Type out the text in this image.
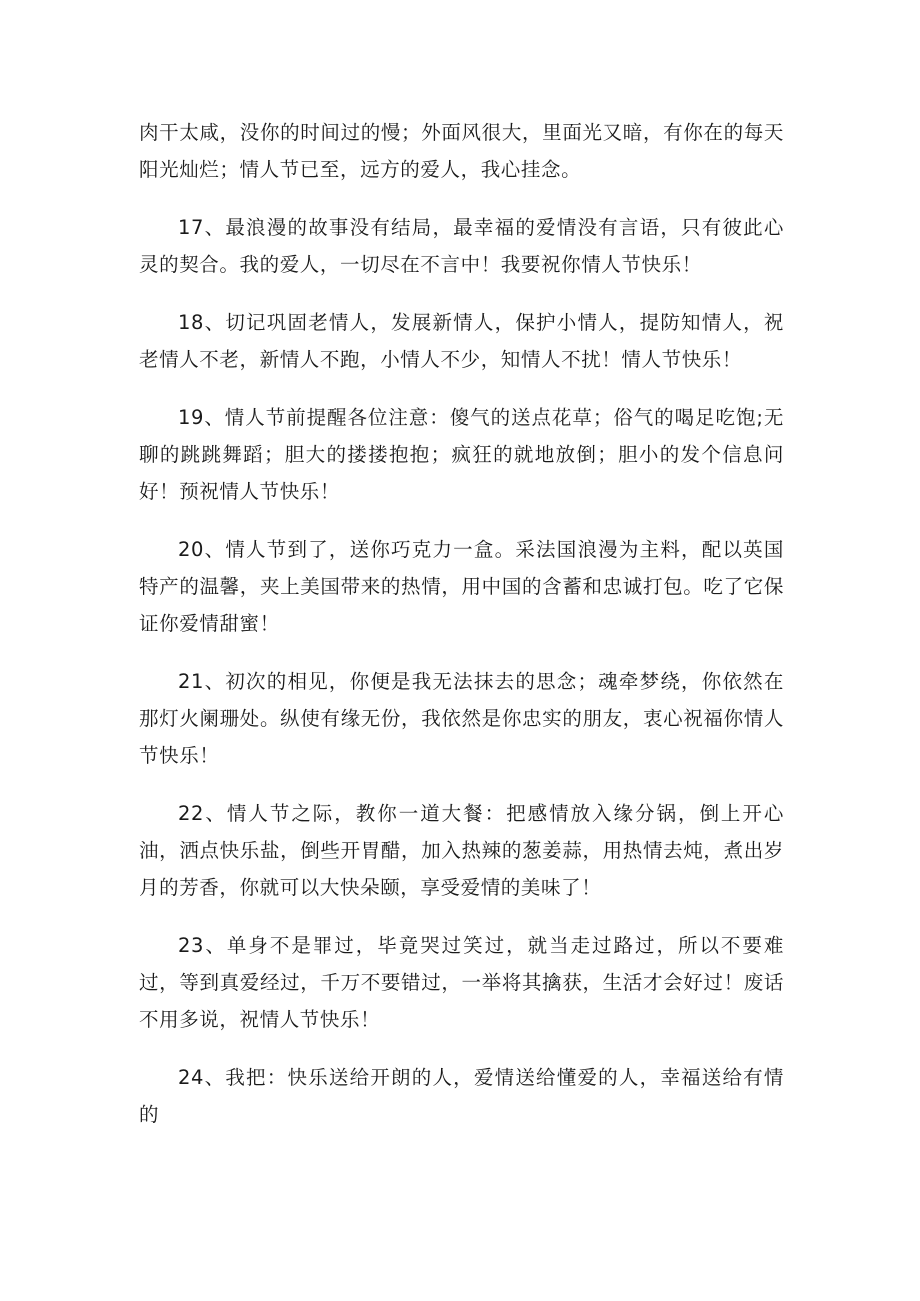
肉干太咸，没你的时间过的慢；外面风很大，里面光又暗，有你在的每天阳光灿烂；情人节已至，远方的爱人，我心挂念。

17、最浪漫的故事没有结局，最幸福的爱情没有言语，只有彼此心灵的契合。我的爱人，一切尽在不言中！我要祝你情人节快乐！

18、切记巩固老情人，发展新情人，保护小情人，提防知情人，祝老情人不老，新情人不跑，小情人不少，知情人不扰！情人节快乐！

19、情人节前提醒各位注意：傻气的送点花草；俗气的喝足吃饱;无聊的跳跳舞蹈；胆大的搂搂抱抱；疯狂的就地放倒；胆小的发个信息问好！预祝情人节快乐！

20、情人节到了，送你巧克力一盒。采法国浪漫为主料，配以英国特产的温馨，夹上美国带来的热情，用中国的含蓄和忠诚打包。吃了它保证你爱情甜蜜！

21、初次的相见，你便是我无法抹去的思念；魂牵梦绕，你依然在那灯火阑珊处。纵使有缘无份，我依然是你忠实的朋友，衷心祝福你情人节快乐！

22、情人节之际，教你一道大餐：把感情放入缘分锅，倒上开心油，洒点快乐盐，倒些开胃醋，加入热辣的葱姜蒜，用热情去炖，煮出岁月的芳香，你就可以大快朵颐，享受爱情的美味了！

23、单身不是罪过，毕竟哭过笑过，就当走过路过，所以不要难过，等到真爱经过，千万不要错过，一举将其擒获，生活才会好过！废话不用多说，祝情人节快乐！

24、我把：快乐送给开朗的人，爱情送给懂爱的人，幸福送给有情的
